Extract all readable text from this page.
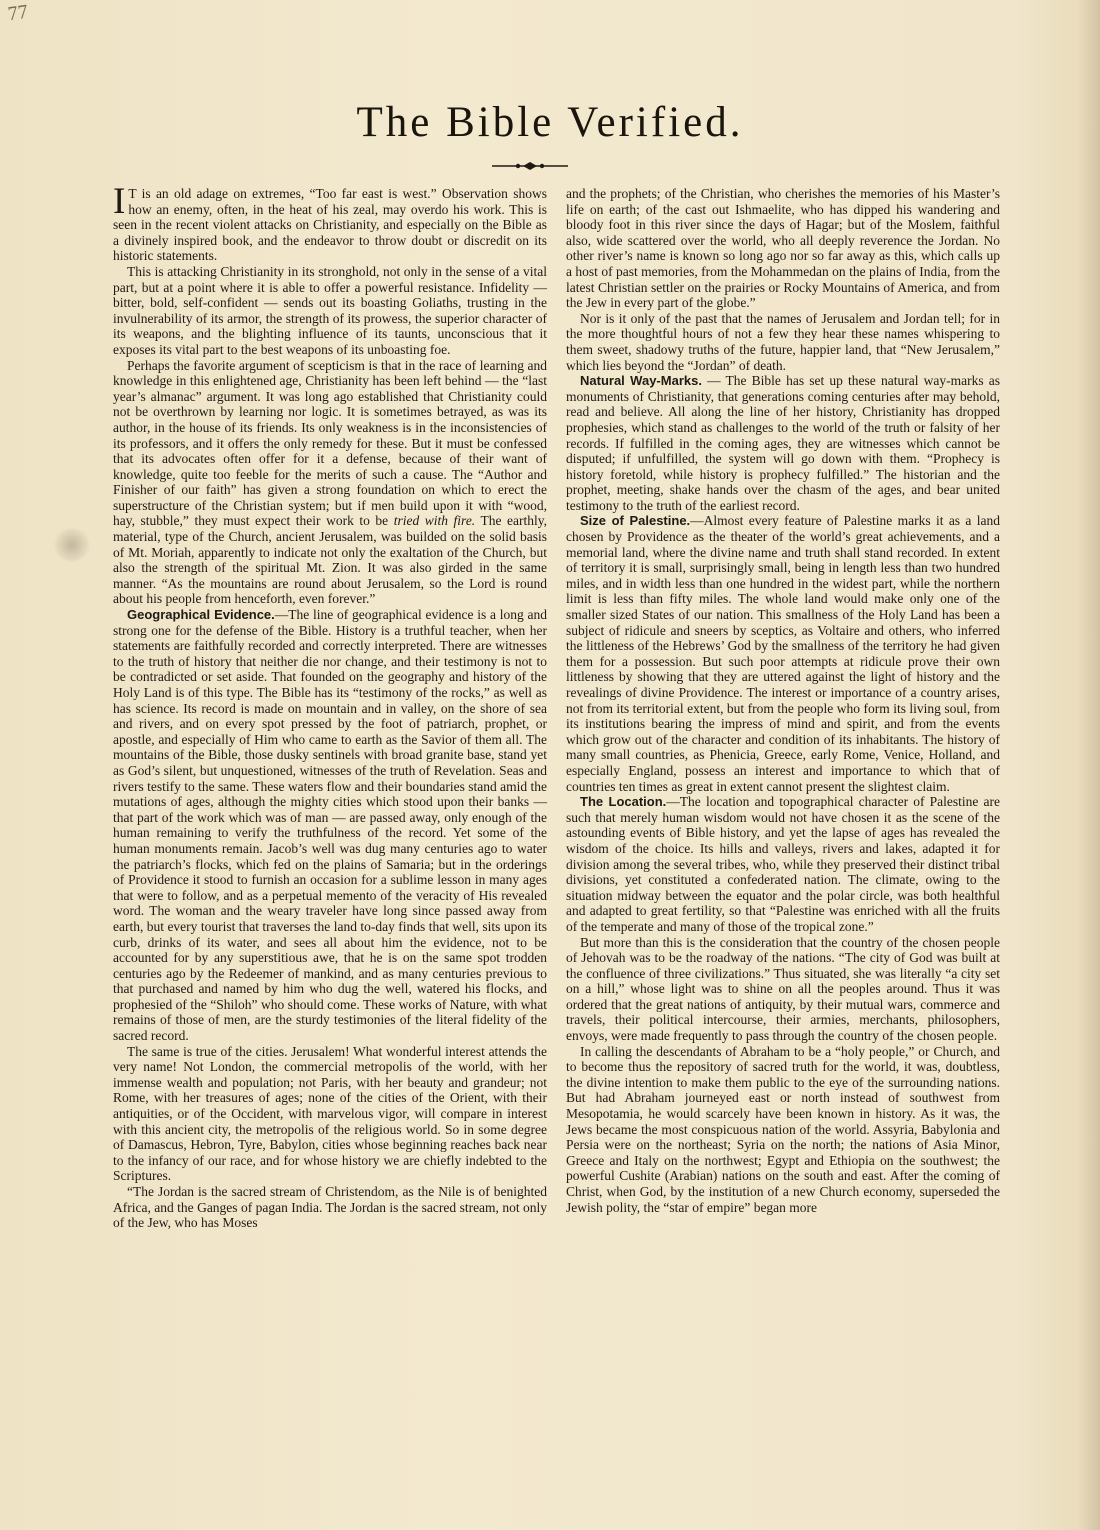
77
The Bible Verified.

I T is an old adage on extremes, “Too far east is west.” Observation shows how an enemy, often, in the heat of his zeal, may overdo his work. This is seen in the recent violent attacks on Christianity, and especially on the Bible as a divinely inspired book, and the endeavor to throw doubt or discredit on its historic statements.

This is attacking Christianity in its stronghold, not only in the sense of a vital part, but at a point where it is able to offer a powerful resistance. Infidelity — bitter, bold, self-confident — sends out its boasting Goliaths, trusting in the invulnerability of its armor, the strength of its prowess, the superior character of its weapons, and the blighting influence of its taunts, unconscious that it exposes its vital part to the best weapons of its unboasting foe.

Perhaps the favorite argument of scepticism is that in the race of learning and knowledge in this enlightened age, Christianity has been left behind — the “last year’s almanac” argument. It was long ago established that Christianity could not be overthrown by learning nor logic. It is sometimes betrayed, as was its author, in the house of its friends. Its only weakness is in the inconsistencies of its professors, and it offers the only remedy for these. But it must be confessed that its advocates often offer for it a defense, because of their want of knowledge, quite too feeble for the merits of such a cause. The “Author and Finisher of our faith” has given a strong foundation on which to erect the superstructure of the Christian system; but if men build upon it with “wood, hay, stubble,” they must expect their work to be tried with fire. The earthly, material, type of the Church, ancient Jerusalem, was builded on the solid basis of Mt. Moriah, apparently to indicate not only the exaltation of the Church, but also the strength of the spiritual Mt. Zion. It was also girded in the same manner. “As the mountains are round about Jerusalem, so the Lord is round about his people from henceforth, even forever.”

Geographical Evidence.—The line of geographical evidence is a long and strong one for the defense of the Bible. History is a truthful teacher, when her statements are faithfully recorded and correctly interpreted. There are witnesses to the truth of history that neither die nor change, and their testimony is not to be contradicted or set aside. That founded on the geography and history of the Holy Land is of this type. The Bible has its “testimony of the rocks,” as well as has science. Its record is made on mountain and in valley, on the shore of sea and rivers, and on every spot pressed by the foot of patriarch, prophet, or apostle, and especially of Him who came to earth as the Savior of them all. The mountains of the Bible, those dusky sentinels with broad granite base, stand yet as God’s silent, but unquestioned, witnesses of the truth of Revelation. Seas and rivers testify to the same. These waters flow and their boundaries stand amid the mutations of ages, although the mighty cities which stood upon their banks — that part of the work which was of man — are passed away, only enough of the human remaining to verify the truthfulness of the record. Yet some of the human monuments remain. Jacob’s well was dug many centuries ago to water the patriarch’s flocks, which fed on the plains of Samaria; but in the orderings of Providence it stood to furnish an occasion for a sublime lesson in many ages that were to follow, and as a perpetual memento of the veracity of His revealed word. The woman and the weary traveler have long since passed away from earth, but every tourist that traverses the land to-day finds that well, sits upon its curb, drinks of its water, and sees all about him the evidence, not to be accounted for by any superstitious awe, that he is on the same spot trodden centuries ago by the Redeemer of mankind, and as many centuries previous to that purchased and named by him who dug the well, watered his flocks, and prophesied of the “Shiloh” who should come. These works of Nature, with what remains of those of men, are the sturdy testimonies of the literal fidelity of the sacred record.

The same is true of the cities. Jerusalem! What wonderful interest attends the very name! Not London, the commercial metropolis of the world, with her immense wealth and population; not Paris, with her beauty and grandeur; not Rome, with her treasures of ages; none of the cities of the Orient, with their antiquities, or of the Occident, with marvelous vigor, will compare in interest with this ancient city, the metropolis of the religious world. So in some degree of Damascus, Hebron, Tyre, Babylon, cities whose beginning reaches back near to the infancy of our race, and for whose history we are chiefly indebted to the Scriptures.

“The Jordan is the sacred stream of Christendom, as the Nile is of benighted Africa, and the Ganges of pagan India. The Jordan is the sacred stream, not only of the Jew, who has Moses

and the prophets; of the Christian, who cherishes the memories of his Master’s life on earth; of the cast out Ishmaelite, who has dipped his wandering and bloody foot in this river since the days of Hagar; but of the Moslem, faithful also, wide scattered over the world, who all deeply reverence the Jordan. No other river’s name is known so long ago nor so far away as this, which calls up a host of past memories, from the Mohammedan on the plains of India, from the latest Christian settler on the prairies or Rocky Mountains of America, and from the Jew in every part of the globe.”

Nor is it only of the past that the names of Jerusalem and Jordan tell; for in the more thoughtful hours of not a few they hear these names whispering to them sweet, shadowy truths of the future, happier land, that “New Jerusalem,” which lies beyond the “Jordan” of death.

Natural Way-Marks. — The Bible has set up these natural way-marks as monuments of Christianity, that generations coming centuries after may behold, read and believe. All along the line of her history, Christianity has dropped prophesies, which stand as challenges to the world of the truth or falsity of her records. If fulfilled in the coming ages, they are witnesses which cannot be disputed; if unfulfilled, the system will go down with them. “Prophecy is history foretold, while history is prophecy fulfilled.” The historian and the prophet, meeting, shake hands over the chasm of the ages, and bear united testimony to the truth of the earliest record.

Size of Palestine.—Almost every feature of Palestine marks it as a land chosen by Providence as the theater of the world’s great achievements, and a memorial land, where the divine name and truth shall stand recorded. In extent of territory it is small, surprisingly small, being in length less than two hundred miles, and in width less than one hundred in the widest part, while the northern limit is less than fifty miles. The whole land would make only one of the smaller sized States of our nation. This smallness of the Holy Land has been a subject of ridicule and sneers by sceptics, as Voltaire and others, who inferred the littleness of the Hebrews’ God by the smallness of the territory he had given them for a possession. But such poor attempts at ridicule prove their own littleness by showing that they are uttered against the light of history and the revealings of divine Providence. The interest or importance of a country arises, not from its territorial extent, but from the people who form its living soul, from its institutions bearing the impress of mind and spirit, and from the events which grow out of the character and condition of its inhabitants. The history of many small countries, as Phenicia, Greece, early Rome, Venice, Holland, and especially England, possess an interest and importance to which that of countries ten times as great in extent cannot present the slightest claim.

The Location.—The location and topographical character of Palestine are such that merely human wisdom would not have chosen it as the scene of the astounding events of Bible history, and yet the lapse of ages has revealed the wisdom of the choice. Its hills and valleys, rivers and lakes, adapted it for division among the several tribes, who, while they preserved their distinct tribal divisions, yet constituted a confederated nation. The climate, owing to the situation midway between the equator and the polar circle, was both healthful and adapted to great fertility, so that “Palestine was enriched with all the fruits of the temperate and many of those of the tropical zone.”

But more than this is the consideration that the country of the chosen people of Jehovah was to be the roadway of the nations. “The city of God was built at the confluence of three civilizations.” Thus situated, she was literally “a city set on a hill,” whose light was to shine on all the peoples around. Thus it was ordered that the great nations of antiquity, by their mutual wars, commerce and travels, their political intercourse, their armies, merchants, philosophers, envoys, were made frequently to pass through the country of the chosen people.

In calling the descendants of Abraham to be a “holy people,” or Church, and to become thus the repository of sacred truth for the world, it was, doubtless, the divine intention to make them public to the eye of the surrounding nations. But had Abraham journeyed east or north instead of southwest from Mesopotamia, he would scarcely have been known in history. As it was, the Jews became the most conspicuous nation of the world. Assyria, Babylonia and Persia were on the northeast; Syria on the north; the nations of Asia Minor, Greece and Italy on the northwest; Egypt and Ethiopia on the southwest; the powerful Cushite (Arabian) nations on the south and east. After the coming of Christ, when God, by the institution of a new Church economy, superseded the Jewish polity, the “star of empire” began more
